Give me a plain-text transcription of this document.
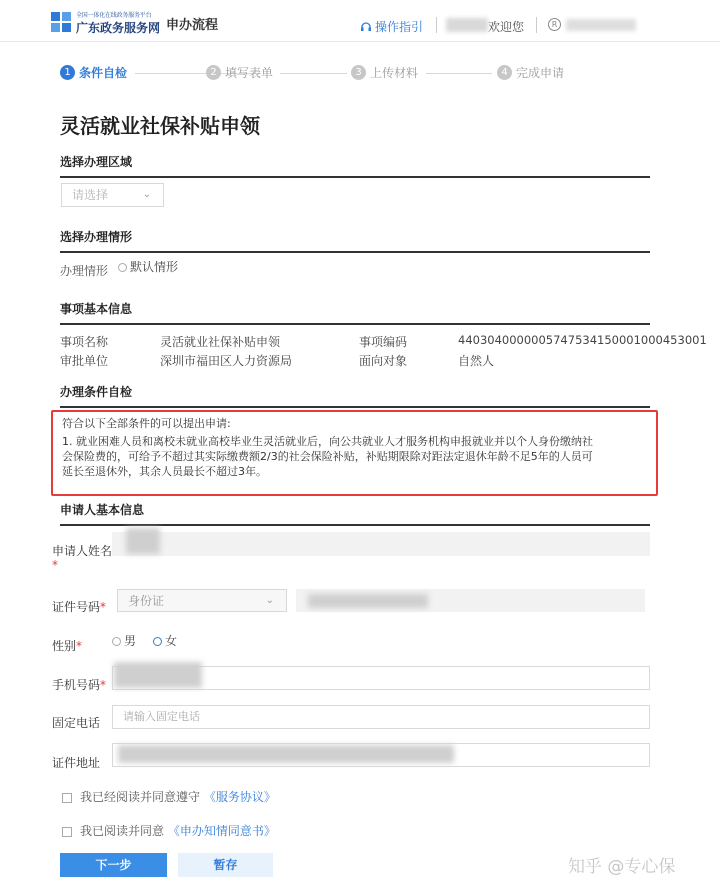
全国一体化在线政务服务平台
广东政务服务网 申办流程	操作指引	欢迎您	R
1 条件自检	2 填写表单	3 上传材料	4 完成申请
灵活就业社保补贴申领
选择办理区域
请选择	⌄
选择办理情形
办理情形	默认情形
事项基本信息
事项名称	灵活就业社保补贴申领	事项编码	44030400000057475341500010004530​01
审批单位	深圳市福田区人力资源局	面向对象	自然人
办理条件自检

符合以下全部条件的可以提出申请:

1. 就业困难人员和离校未就业高校毕业生灵活就业后，向公共就业人才服务机构申报就业并以个人身份缴纳社

会保险费的，可给予不超过其实际缴费额2/3的社会保险补贴，补贴期限除对距法定退休年龄不足5年的人员可

延长至退休外，其余人员最长不超过3年。

申请人基本信息
申请人姓名
*
证件号码*	身份证	⌄
性别*	男	女
手机号码*
固定电话	请输入固定电话
证件地址
我已经阅读并同意遵守 《服务协议》
我已阅读并同意 《申办知情同意书》
下一步	暂存	知乎 @专心保
